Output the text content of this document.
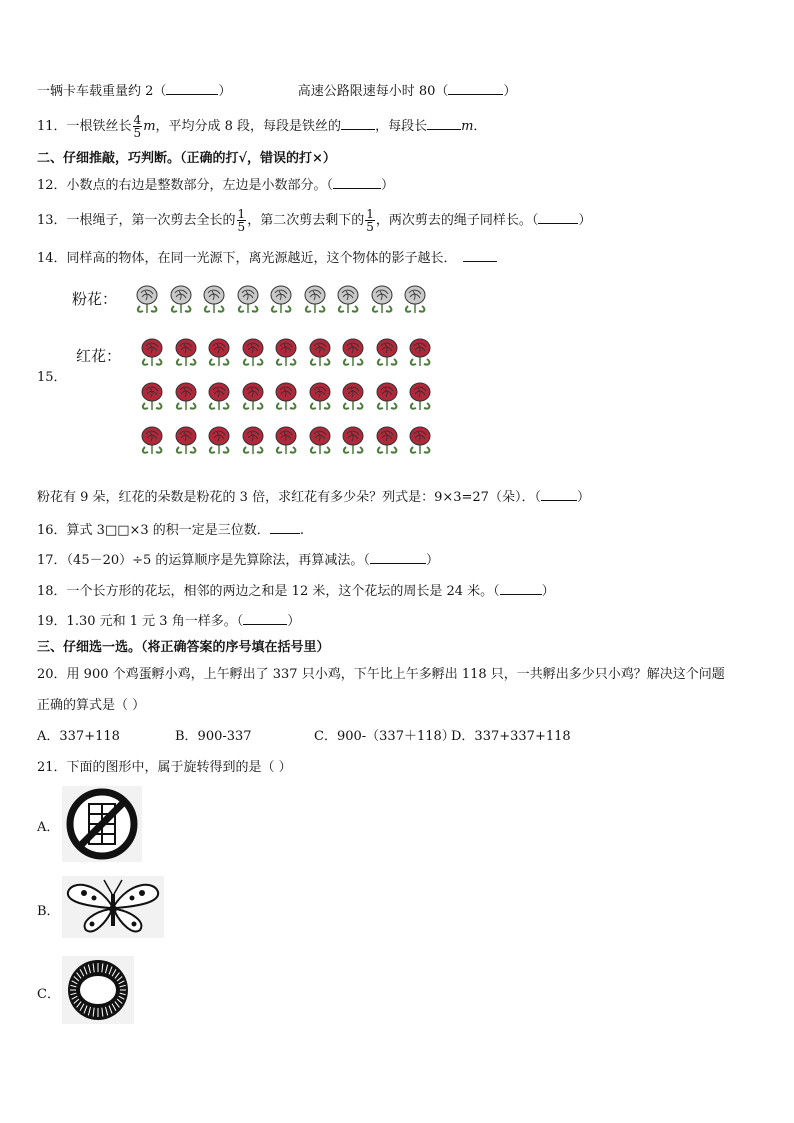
一辆卡车载重量约 2（	）	高速公路限速每小时 80（	）
11．一根铁丝长 $\frac{4}{5}$ m，平均分成 8 段，每段是铁丝的	，每段长	m．
二、仔细推敲，巧判断。（正确的打√，错误的打×）
12．小数点的右边是整数部分，左边是小数部分。（	）
13．一根绳子，第一次剪去全长的 $\frac{1}{5}$ ，第二次剪去剩下的 $\frac{1}{5}$ ，两次剪去的绳子同样长。（	）
14．同样高的物体，在同一光源下，离光源越近，这个物体的影子越长．
粉花：
红花：
15．
粉花有 9 朵，红花的朵数是粉花的 3 倍，求红花有多少朵？列式是：9×3=27（朵）．（	）
16．算式 3□□×3 的积一定是三位数． .
17．（45－20）÷5 的运算顺序是先算除法，再算减法。（	）
18．一个长方形的花坛，相邻的两边之和是 12 米，这个花坛的周长是 24 米。（	）
19．1.30 元和 1 元 3 角一样多。（	）
三、仔细选一选。（将正确答案的序号填在括号里）
20．用 900 个鸡蛋孵小鸡，上午孵出了 337 只小鸡，下午比上午多孵出 118 只，一共孵出多少只小鸡？解决这个问题
正确的算式是（ ）
A．337+118	B．900-337	C．900-（337＋118）D．337+337+118
21．下面的图形中，属于旋转得到的是（ ）
A．
B．
C．
